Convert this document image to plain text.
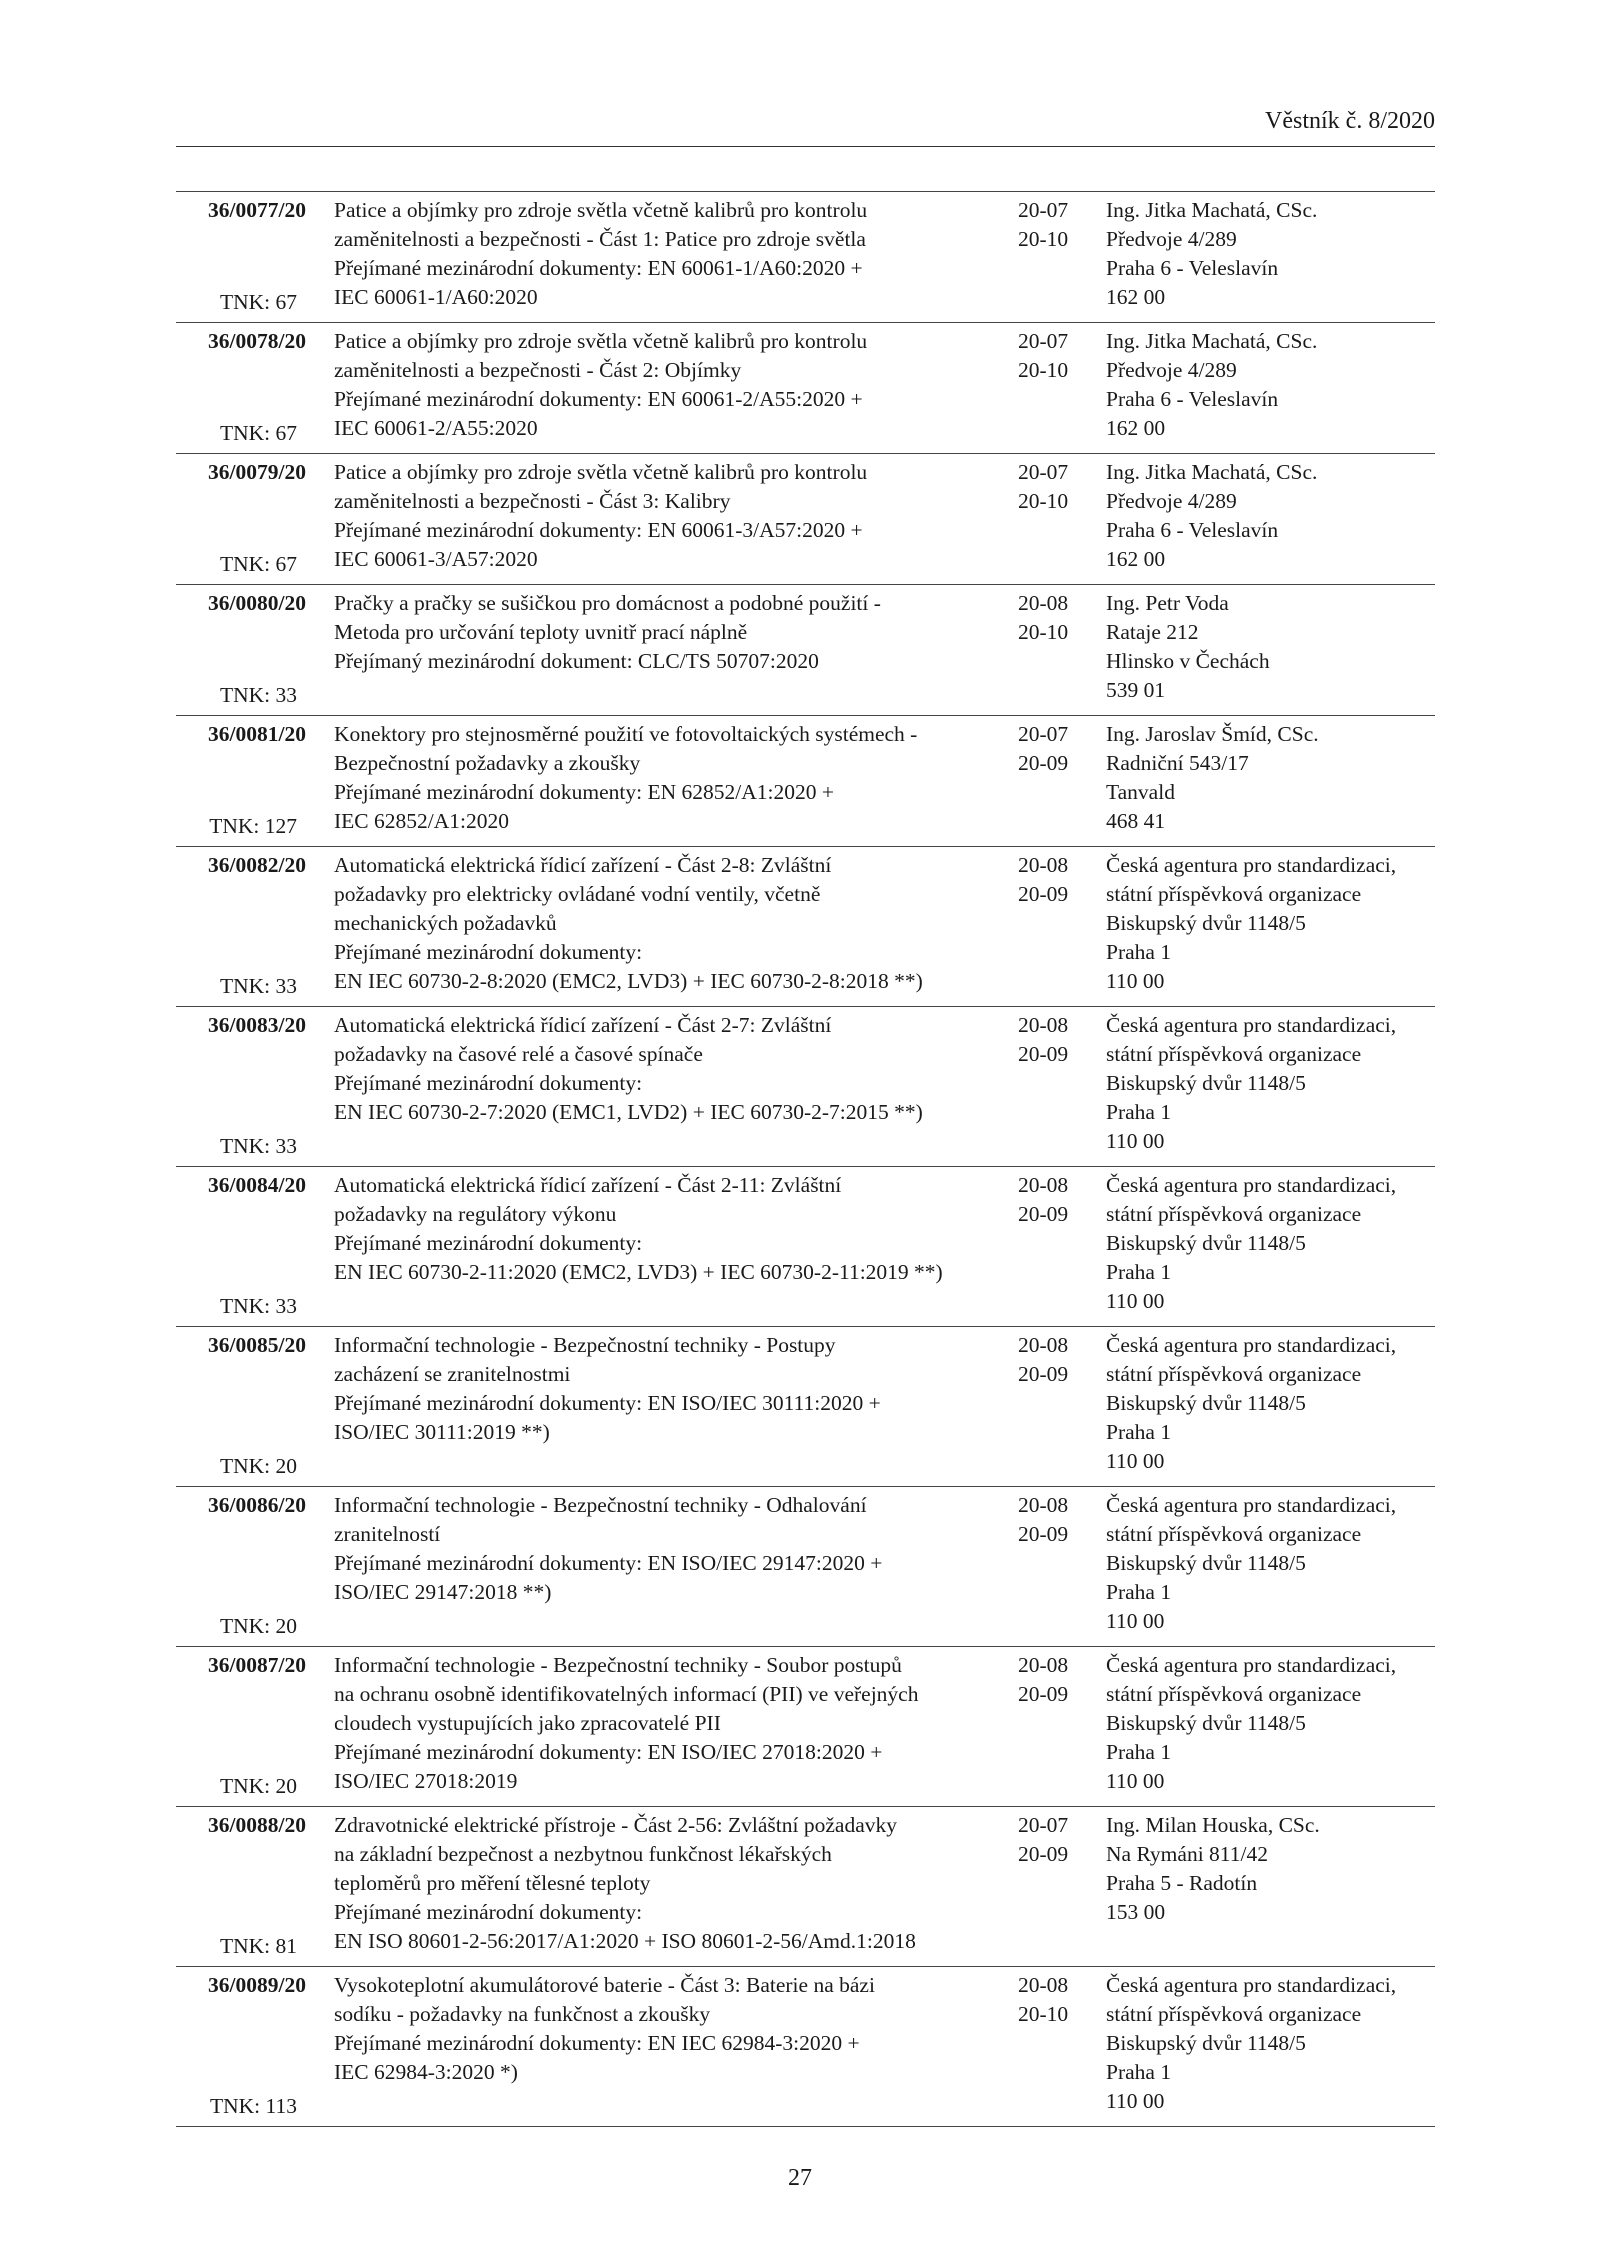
Věstník č. 8/2020
36/0077/20
TNK: 67
Patice a objímky pro zdroje světla včetně kalibrů pro kontrolu
zaměnitelnosti a bezpečnosti - Část 1: Patice pro zdroje světla
Přejímané mezinárodní dokumenty: EN 60061-1/A60:2020 +
IEC 60061-1/A60:2020
20-07
20-10
Ing. Jitka Machatá, CSc.
Předvoje 4/289
Praha 6 - Veleslavín
162 00
36/0078/20
TNK: 67
Patice a objímky pro zdroje světla včetně kalibrů pro kontrolu
zaměnitelnosti a bezpečnosti - Část 2: Objímky
Přejímané mezinárodní dokumenty: EN 60061-2/A55:2020 +
IEC 60061-2/A55:2020
20-07
20-10
Ing. Jitka Machatá, CSc.
Předvoje 4/289
Praha 6 - Veleslavín
162 00
36/0079/20
TNK: 67
Patice a objímky pro zdroje světla včetně kalibrů pro kontrolu
zaměnitelnosti a bezpečnosti - Část 3: Kalibry
Přejímané mezinárodní dokumenty: EN 60061-3/A57:2020 +
IEC 60061-3/A57:2020
20-07
20-10
Ing. Jitka Machatá, CSc.
Předvoje 4/289
Praha 6 - Veleslavín
162 00
36/0080/20
TNK: 33
Pračky a pračky se sušičkou pro domácnost a podobné použití -
Metoda pro určování teploty uvnitř prací náplně
Přejímaný mezinárodní dokument: CLC/TS 50707:2020
20-08
20-10
Ing. Petr Voda
Rataje 212
Hlinsko v Čechách
539 01
36/0081/20
TNK: 127
Konektory pro stejnosměrné použití ve fotovoltaických systémech -
Bezpečnostní požadavky a zkoušky
Přejímané mezinárodní dokumenty: EN 62852/A1:2020 +
IEC 62852/A1:2020
20-07
20-09
Ing. Jaroslav Šmíd, CSc.
Radniční 543/17
Tanvald
468 41
36/0082/20
TNK: 33
Automatická elektrická řídicí zařízení - Část 2-8: Zvláštní
požadavky pro elektricky ovládané vodní ventily, včetně
mechanických požadavků
Přejímané mezinárodní dokumenty:
EN IEC 60730-2-8:2020 (EMC2, LVD3) + IEC 60730-2-8:2018 **)
20-08
20-09
Česká agentura pro standardizaci,
státní příspěvková organizace
Biskupský dvůr 1148/5
Praha 1
110 00
36/0083/20
TNK: 33
Automatická elektrická řídicí zařízení - Část 2-7: Zvláštní
požadavky na časové relé a časové spínače
Přejímané mezinárodní dokumenty:
EN IEC 60730-2-7:2020 (EMC1, LVD2) + IEC 60730-2-7:2015 **)
20-08
20-09
Česká agentura pro standardizaci,
státní příspěvková organizace
Biskupský dvůr 1148/5
Praha 1
110 00
36/0084/20
TNK: 33
Automatická elektrická řídicí zařízení - Část 2-11: Zvláštní
požadavky na regulátory výkonu
Přejímané mezinárodní dokumenty:
EN IEC 60730-2-11:2020 (EMC2, LVD3) + IEC 60730-2-11:2019 **)
20-08
20-09
Česká agentura pro standardizaci,
státní příspěvková organizace
Biskupský dvůr 1148/5
Praha 1
110 00
36/0085/20
TNK: 20
Informační technologie - Bezpečnostní techniky - Postupy
zacházení se zranitelnostmi
Přejímané mezinárodní dokumenty: EN ISO/IEC 30111:2020 +
ISO/IEC 30111:2019 **)
20-08
20-09
Česká agentura pro standardizaci,
státní příspěvková organizace
Biskupský dvůr 1148/5
Praha 1
110 00
36/0086/20
TNK: 20
Informační technologie - Bezpečnostní techniky - Odhalování
zranitelností
Přejímané mezinárodní dokumenty: EN ISO/IEC 29147:2020 +
ISO/IEC 29147:2018 **)
20-08
20-09
Česká agentura pro standardizaci,
státní příspěvková organizace
Biskupský dvůr 1148/5
Praha 1
110 00
36/0087/20
TNK: 20
Informační technologie - Bezpečnostní techniky - Soubor postupů
na ochranu osobně identifikovatelných informací (PII) ve veřejných
cloudech vystupujících jako zpracovatelé PII
Přejímané mezinárodní dokumenty: EN ISO/IEC 27018:2020 +
ISO/IEC 27018:2019
20-08
20-09
Česká agentura pro standardizaci,
státní příspěvková organizace
Biskupský dvůr 1148/5
Praha 1
110 00
36/0088/20
TNK: 81
Zdravotnické elektrické přístroje - Část 2-56: Zvláštní požadavky
na základní bezpečnost a nezbytnou funkčnost lékařských
teploměrů pro měření tělesné teploty
Přejímané mezinárodní dokumenty:
EN ISO 80601-2-56:2017/A1:2020 + ISO 80601-2-56/Amd.1:2018
20-07
20-09
Ing. Milan Houska, CSc.
Na Rymáni 811/42
Praha 5 - Radotín
153 00
36/0089/20
TNK: 113
Vysokoteplotní akumulátorové baterie - Část 3: Baterie na bázi
sodíku - požadavky na funkčnost a zkoušky
Přejímané mezinárodní dokumenty: EN IEC 62984-3:2020 +
IEC 62984-3:2020 *)
20-08
20-10
Česká agentura pro standardizaci,
státní příspěvková organizace
Biskupský dvůr 1148/5
Praha 1
110 00
27
